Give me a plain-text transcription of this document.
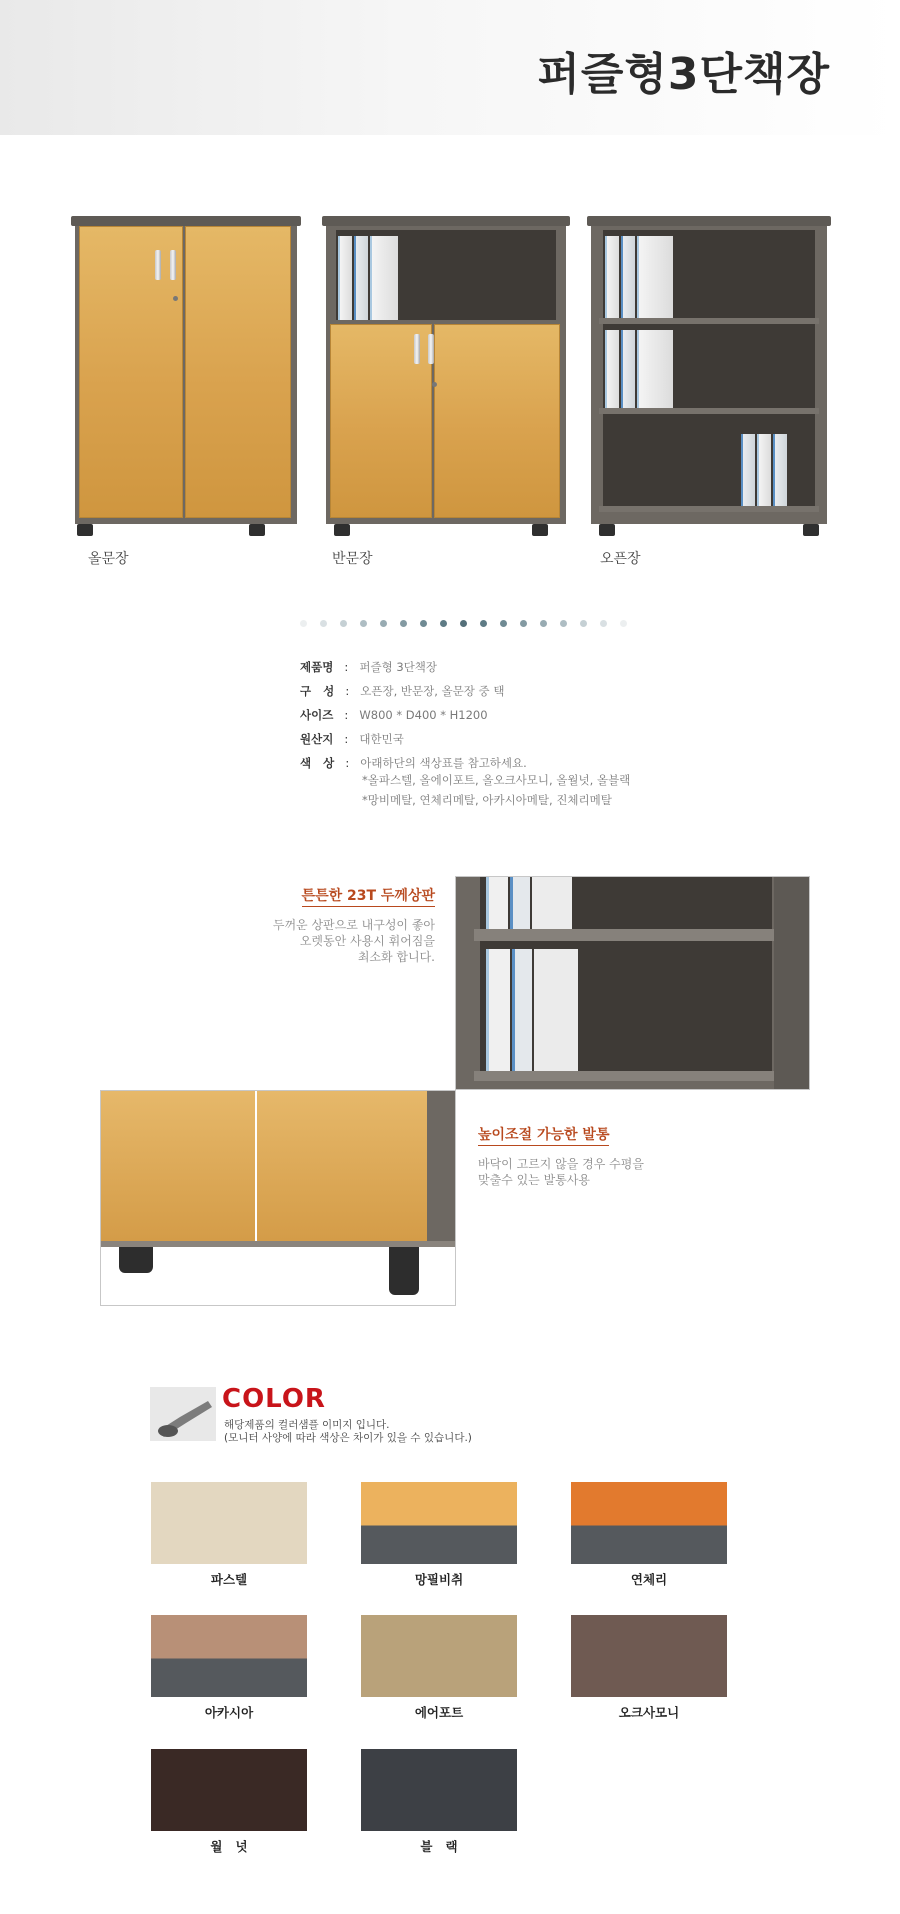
퍼즐형3단책장
올문장	반문장	오픈장
제품명 : 퍼즐형 3단책장
구   성 : 오픈장, 반문장, 올문장 중 택
사이즈 : W800 * D400 * H1200
원산지 : 대한민국
색   상 : 아래하단의 색상표를 참고하세요.
*올파스텔, 올에이포트, 올오크사모니, 올월넛, 올블랙
*망비메탈, 연체리메탈, 아카시아메탈, 진체리메탈
튼튼한 23T 두께상판
두꺼운 상판으로 내구성이 좋아
오렛동안 사용시 휘어짐을
최소화 합니다.
높이조절 가능한 발통
바닥이 고르지 않을 경우 수평을
맞출수 있는 발통사용
COLOR
해당제품의 컬러샘플 이미지 입니다.
(모니터 사양에 따라 색상은 차이가 있을 수 있습니다.)
파스텔	망필비취	연체리
아카시아	에어포트	오크사모니
월   넛	블   랙
